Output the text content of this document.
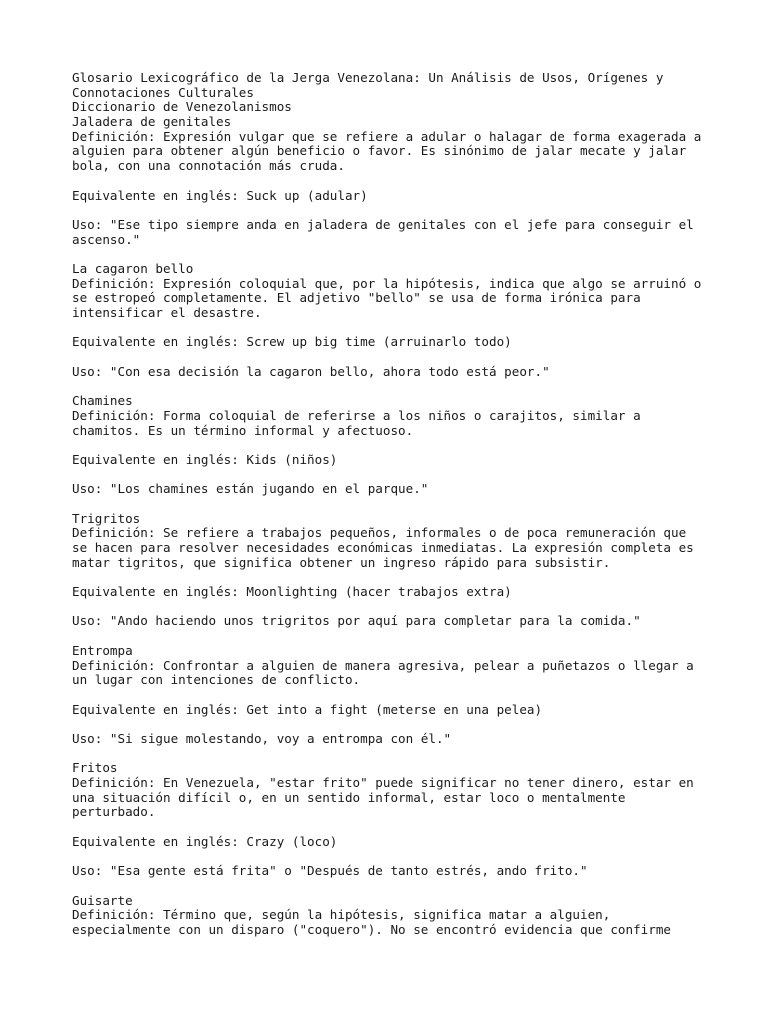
Glosario Lexicográfico de la Jerga Venezolana: Un Análisis de Usos, Orígenes y
Connotaciones Culturales
Diccionario de Venezolanismos
Jaladera de genitales
Definición: Expresión vulgar que se refiere a adular o halagar de forma exagerada a
alguien para obtener algún beneficio o favor. Es sinónimo de jalar mecate y jalar
bola, con una connotación más cruda.
Equivalente en inglés: Suck up (adular)
Uso: "Ese tipo siempre anda en jaladera de genitales con el jefe para conseguir el
ascenso."
La cagaron bello
Definición: Expresión coloquial que, por la hipótesis, indica que algo se arruinó o
se estropeó completamente. El adjetivo "bello" se usa de forma irónica para
intensificar el desastre.
Equivalente en inglés: Screw up big time (arruinarlo todo)
Uso: "Con esa decisión la cagaron bello, ahora todo está peor."
Chamines
Definición: Forma coloquial de referirse a los niños o carajitos, similar a
chamitos. Es un término informal y afectuoso.
Equivalente en inglés: Kids (niños)
Uso: "Los chamines están jugando en el parque."
Trigritos
Definición: Se refiere a trabajos pequeños, informales o de poca remuneración que
se hacen para resolver necesidades económicas inmediatas. La expresión completa es
matar tigritos, que significa obtener un ingreso rápido para subsistir.
Equivalente en inglés: Moonlighting (hacer trabajos extra)
Uso: "Ando haciendo unos trigritos por aquí para completar para la comida."
Entrompa
Definición: Confrontar a alguien de manera agresiva, pelear a puñetazos o llegar a
un lugar con intenciones de conflicto.
Equivalente en inglés: Get into a fight (meterse en una pelea)
Uso: "Si sigue molestando, voy a entrompa con él."
Fritos
Definición: En Venezuela, "estar frito" puede significar no tener dinero, estar en
una situación difícil o, en un sentido informal, estar loco o mentalmente
perturbado.
Equivalente en inglés: Crazy (loco)
Uso: "Esa gente está frita" o "Después de tanto estrés, ando frito."
Guisarte
Definición: Término que, según la hipótesis, significa matar a alguien,
especialmente con un disparo ("coquero"). No se encontró evidencia que confirme
